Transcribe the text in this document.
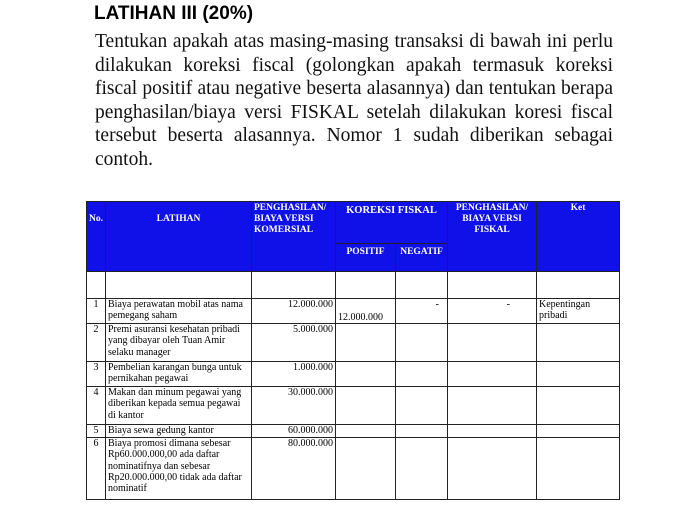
LATIHAN III (20%)

Tentukan apakah atas masing-masing transaksi di bawah ini perlu dilakukan koreksi fiscal (golongkan apakah termasuk koreksi fiscal positif atau negative beserta alasannya) dan tentukan berapa penghasilan/biaya versi FISKAL setelah dilakukan koresi fiscal tersebut beserta alasannya. Nomor 1 sudah diberikan sebagai contoh.

No.	LATIHAN	PENGHASILAN/ BIAYA VERSI KOMERSIAL	KOREKSI FISKAL		PENGHASILAN/ BIAYA VERSI FISKAL	Ket
			POSITIF	NEGATIF		

1	Biaya perawatan mobil atas nama pemegang saham	12.000.000	12.000.000	-	-	Kepentingan pribadi
2	Premi asuransi kesehatan pribadi yang dibayar oleh Tuan Amir selaku manager	5.000.000				
3	Pembelian karangan bunga untuk pernikahan pegawai	1.000.000				
4	Makan dan minum pegawai yang diberikan kepada semua pegawai di kantor	30.000.000				
5	Biaya sewa gedung kantor	60.000.000				
6	Biaya promosi dimana sebesar Rp60.000.000,00 ada daftar nominatifnya dan sebesar Rp20.000.000,00 tidak ada daftar nominatif	80.000.000				
